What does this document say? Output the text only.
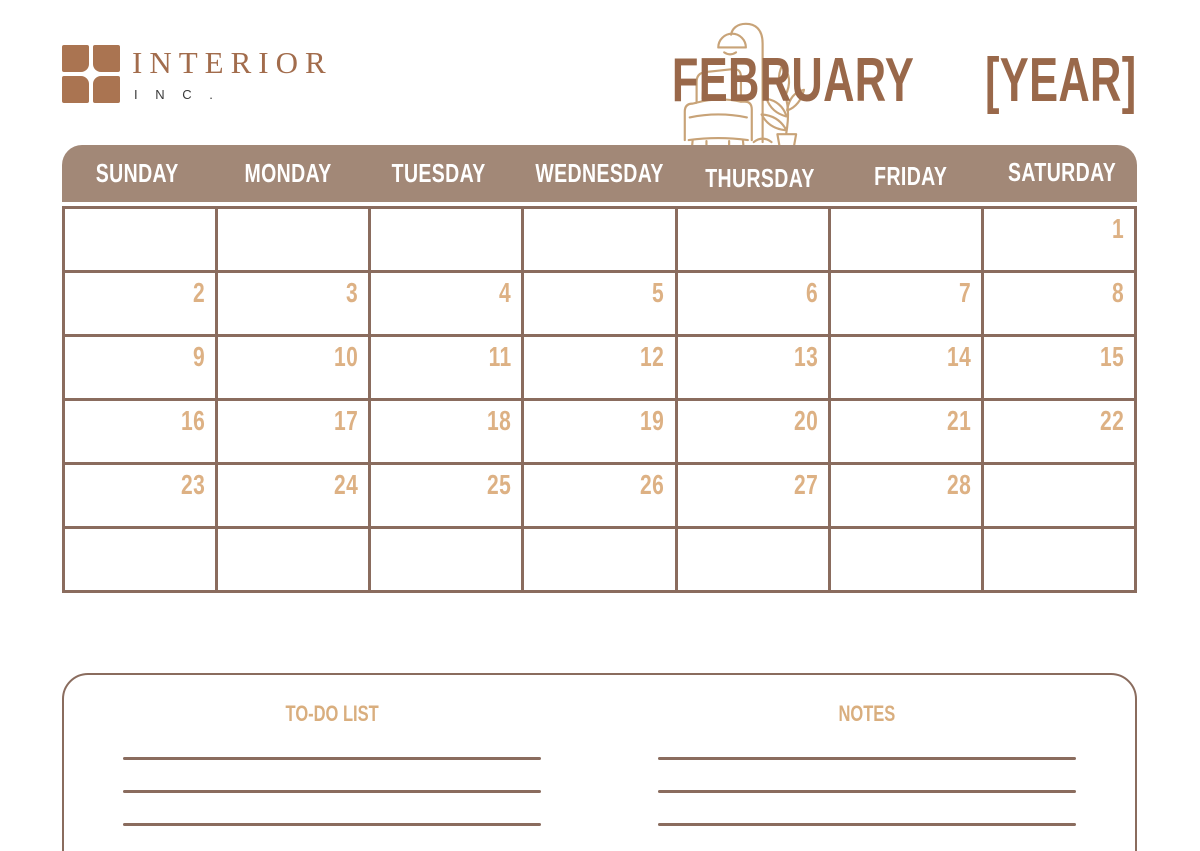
INTERIOR
I N C .	FEBRUARY [YEAR]
SUNDAY	MONDAY TUESDAY WEDNESDAY THURSDAY FRIDAY SATURDAY
						1
2	3	4	5	6	7	8
9	10	11	12	13	14	15
16	17	18	19	20	21	22
23	24	25	26	27	28	

TO-DO LIST	NOTES
